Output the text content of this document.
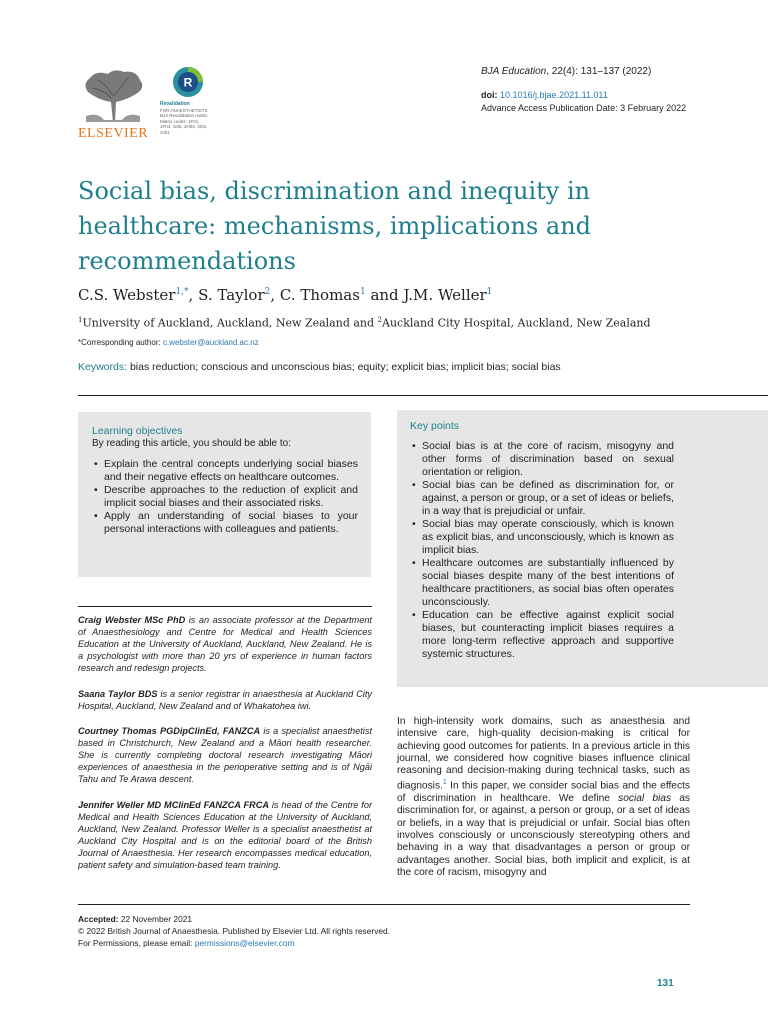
ELSEVIER
R
Revalidation
FOR ANAESTHETISTS
BJA Revalidation matrix
Matrix codes: 1F01,
1F04, 1I05, 2H02, 3I02,
3J01
BJA Education, 22(4): 131–137 (2022)
doi: 10.1016/j.bjae.2021.11.011
Advance Access Publication Date: 3 February 2022
Social bias, discrimination and inequity in healthcare: mechanisms, implications and recommendations
C.S. Webster$^{1,*}$, S. Taylor$^2$, C. Thomas$^1$ and J.M. Weller$^1$
$^1$University of Auckland, Auckland, New Zealand and $^2$Auckland City Hospital, Auckland, New Zealand
*Corresponding author: c.webster@auckland.ac.nz
Keywords: bias reduction; conscious and unconscious bias; equity; explicit bias; implicit bias; social bias
Learning objectives
By reading this article, you should be able to:
• Explain the central concepts underlying social biases and their negative effects on healthcare outcomes.
• Describe approaches to the reduction of explicit and implicit social biases and their associated risks.
• Apply an understanding of social biases to your personal interactions with colleagues and patients.
Key points
• Social bias is at the core of racism, misogyny and other forms of discrimination based on sexual orientation or religion.
• Social bias can be defined as discrimination for, or against, a person or group, or a set of ideas or beliefs, in a way that is prejudicial or unfair.
• Social bias may operate consciously, which is known as explicit bias, and unconsciously, which is known as implicit bias.
• Healthcare outcomes are substantially influenced by social biases despite many of the best intentions of healthcare practitioners, as social bias often operates unconsciously.
• Education can be effective against explicit social biases, but counteracting implicit biases requires a more long-term reflective approach and supportive systemic structures.
Craig Webster MSc PhD is an associate professor at the Department of Anaesthesiology and Centre for Medical and Health Sciences Education at the University of Auckland, Auckland, New Zealand. He is a psychologist with more than 20 yrs of experience in human factors research and redesign projects.
Saana Taylor BDS is a senior registrar in anaesthesia at Auckland City Hospital, Auckland, New Zealand and of Whakatohea iwi.
Courtney Thomas PGDipClinEd, FANZCA is a specialist anaesthetist based in Christchurch, New Zealand and a Māori health researcher. She is currently completing doctoral research investigating Māori experiences of anaesthesia in the perioperative setting and is of Ngāi Tahu and Te Arawa descent.
Jennifer Weller MD MClinEd FANZCA FRCA is head of the Centre for Medical and Health Sciences Education at the University of Auckland, Auckland, New Zealand. Professor Weller is a specialist anaesthetist at Auckland City Hospital and is on the editorial board of the British Journal of Anaesthesia. Her research encompasses medical education, patient safety and simulation-based team training.
In high-intensity work domains, such as anaesthesia and intensive care, high-quality decision-making is critical for achieving good outcomes for patients. In a previous article in this journal, we considered how cognitive biases influence clinical reasoning and decision-making during technical tasks, such as diagnosis.$^1$ In this paper, we consider social bias and the effects of discrimination in healthcare. We define social bias as discrimination for, or against, a person or group, or a set of ideas or beliefs, in a way that is prejudicial or unfair. Social bias often involves consciously or unconsciously stereotyping others and behaving in a way that disadvantages a person or group or advantages another. Social bias, both implicit and explicit, is at the core of racism, misogyny and
Accepted: 22 November 2021
© 2022 British Journal of Anaesthesia. Published by Elsevier Ltd. All rights reserved.
For Permissions, please email: permissions@elsevier.com
131
